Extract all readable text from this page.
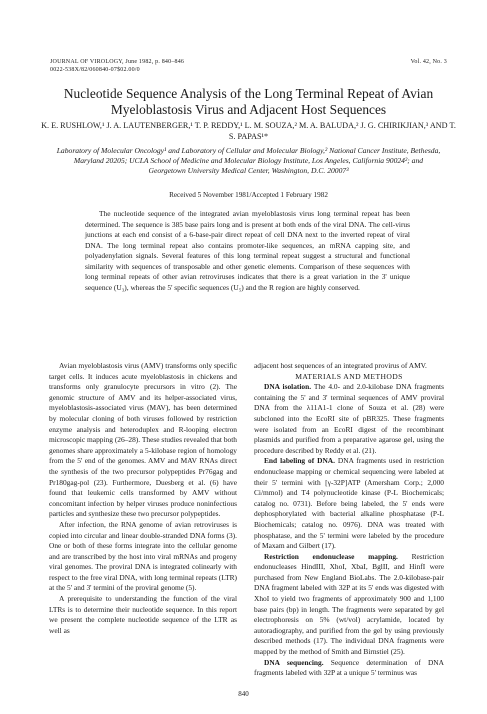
JOURNAL OF VIROLOGY, June 1982, p. 840–846	Vol. 42, No. 3
0022-538X/82/060840-07$02.00/0
Nucleotide Sequence Analysis of the Long Terminal Repeat of Avian Myeloblastosis Virus and Adjacent Host Sequences
K. E. RUSHLOW,¹ J. A. LAUTENBERGER,¹ T. P. REDDY,¹ L. M. SOUZA,² M. A. BALUDA,² J. G. CHIRIKJIAN,³ AND T. S. PAPAS¹*
Laboratory of Molecular Oncology¹ and Laboratory of Cellular and Molecular Biology,² National Cancer Institute, Bethesda, Maryland 20205; UCLA School of Medicine and Molecular Biology Institute, Los Angeles, California 90024²; and Georgetown University Medical Center, Washington, D.C. 20007³
Received 5 November 1981/Accepted 1 February 1982
The nucleotide sequence of the integrated avian myeloblastosis virus long terminal repeat has been determined. The sequence is 385 base pairs long and is present at both ends of the viral DNA. The cell-virus junctions at each end consist of a 6-base-pair direct repeat of cell DNA next to the inverted repeat of viral DNA. The long terminal repeat also contains promoter-like sequences, an mRNA capping site, and polyadenylation signals. Several features of this long terminal repeat suggest a structural and functional similarity with sequences of transposable and other genetic elements. Comparison of these sequences with long terminal repeats of other avian retroviruses indicates that there is a great variation in the 3' unique sequence (U₃), whereas the 5' specific sequences (U₅) and the R region are highly conserved.

Avian myeloblastosis virus (AMV) transforms only specific target cells. It induces acute myeloblastosis in chickens and transforms only granulocyte precursors in vitro (2). The genomic structure of AMV and its helper-associated virus, myeloblastosis-associated virus (MAV), has been determined by molecular cloning of both viruses followed by restriction enzyme analysis and heteroduplex and R-looping electron microscopic mapping (26–28). These studies revealed that both genomes share approximately a 5-kilobase region of homology from the 5' end of the genomes. AMV and MAV RNAs direct the synthesis of the two precursor polypeptides Pr76gag and Pr180gag-pol (23). Furthermore, Duesberg et al. (6) have found that leukemic cells transformed by AMV without concomitant infection by helper viruses produce noninfectious particles and synthesize these two precursor polypeptides.

After infection, the RNA genome of avian retroviruses is copied into circular and linear double-stranded DNA forms (3). One or both of these forms integrate into the cellular genome and are transcribed by the host into viral mRNAs and progeny viral genomes. The proviral DNA is integrated colinearly with respect to the free viral DNA, with long terminal repeats (LTR) at the 5' and 3' termini of the proviral genome (5).

A prerequisite to understanding the function of the viral LTRs is to determine their nucleotide sequence. In this report we present the complete nucleotide sequence of the LTR as well as

adjacent host sequences of an integrated provirus of AMV.

MATERIALS AND METHODS

DNA isolation. The 4.0- and 2.0-kilobase DNA fragments containing the 5' and 3' terminal sequences of AMV proviral DNA from the λ11A1-1 clone of Souza et al. (28) were subcloned into the EcoRI site of pBR325. These fragments were isolated from an EcoRI digest of the recombinant plasmids and purified from a preparative agarose gel, using the procedure described by Reddy et al. (21).

End labeling of DNA. DNA fragments used in restriction endonuclease mapping or chemical sequencing were labeled at their 5' termini with [γ-32P]ATP (Amersham Corp.; 2,000 Ci/mmol) and T4 polynucleotide kinase (P-L Biochemicals; catalog no. 0731). Before being labeled, the 5' ends were dephosphorylated with bacterial alkaline phosphatase (P-L Biochemicals; catalog no. 0976). DNA was treated with phosphatase, and the 5' termini were labeled by the procedure of Maxam and Gilbert (17).

Restriction endonuclease mapping. Restriction endonucleases HindIII, XhoI, XbaI, BglII, and HinfI were purchased from New England BioLabs. The 2.0-kilobase-pair DNA fragment labeled with 32P at its 5' ends was digested with XhoI to yield two fragments of approximately 900 and 1,100 base pairs (bp) in length. The fragments were separated by gel electrophoresis on 5% (wt/vol) acrylamide, located by autoradiography, and purified from the gel by using previously described methods (17). The individual DNA fragments were mapped by the method of Smith and Birnstiel (25).

DNA sequencing. Sequence determination of DNA fragments labeled with 32P at a unique 5' terminus was

840
